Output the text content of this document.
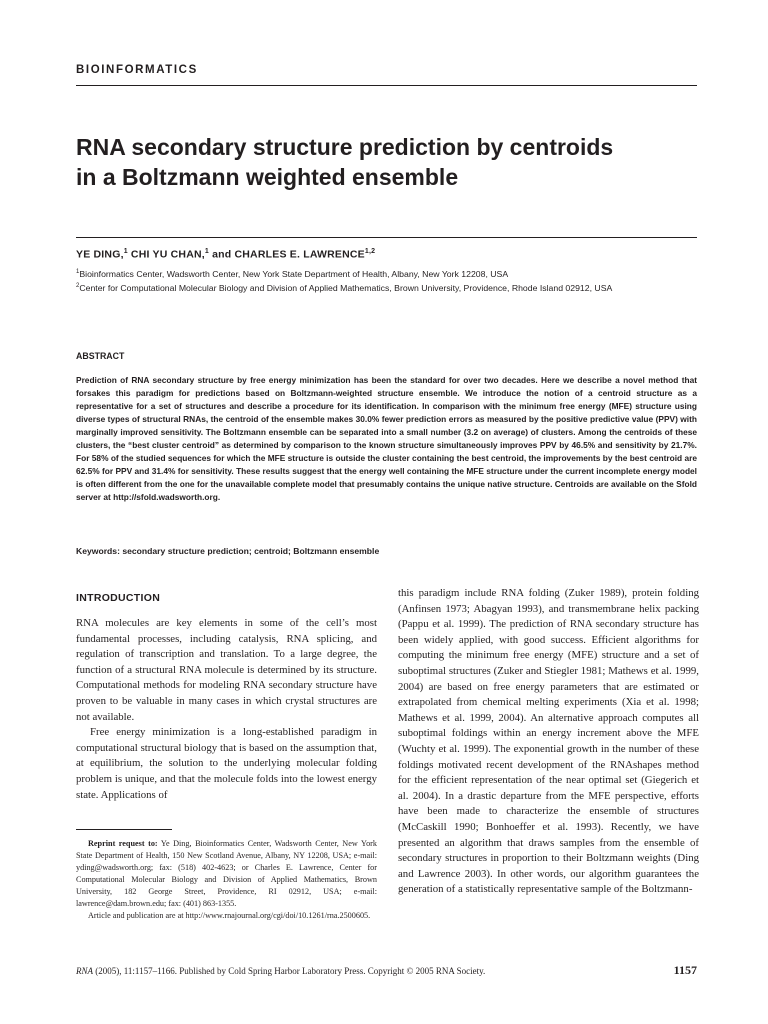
BIOINFORMATICS
RNA secondary structure prediction by centroids
in a Boltzmann weighted ensemble
YE DING,$^1$ CHI YU CHAN,$^1$ and CHARLES E. LAWRENCE$^{1,2}$
$^1$Bioinformatics Center, Wadsworth Center, New York State Department of Health, Albany, New York 12208, USA
$^2$Center for Computational Molecular Biology and Division of Applied Mathematics, Brown University, Providence, Rhode Island 02912, USA
ABSTRACT

Prediction of RNA secondary structure by free energy minimization has been the standard for over two decades. Here we describe a novel method that forsakes this paradigm for predictions based on Boltzmann-weighted structure ensemble. We introduce the notion of a centroid structure as a representative for a set of structures and describe a procedure for its identification. In comparison with the minimum free energy (MFE) structure using diverse types of structural RNAs, the centroid of the ensemble makes 30.0% fewer prediction errors as measured by the positive predictive value (PPV) with marginally improved sensitivity. The Boltzmann ensemble can be separated into a small number (3.2 on average) of clusters. Among the centroids of these clusters, the “best cluster centroid” as determined by comparison to the known structure simultaneously improves PPV by 46.5% and sensitivity by 21.7%. For 58% of the studied sequences for which the MFE structure is outside the cluster containing the best centroid, the improvements by the best centroid are 62.5% for PPV and 31.4% for sensitivity. These results suggest that the energy well containing the MFE structure under the current incomplete energy model is often different from the one for the unavailable complete model that presumably contains the unique native structure. Centroids are available on the Sfold server at http://sfold.wadsworth.org.

Keywords: secondary structure prediction; centroid; Boltzmann ensemble
INTRODUCTION

RNA molecules are key elements in some of the cell’s most fundamental processes, including catalysis, RNA splicing, and regulation of transcription and translation. To a large degree, the function of a structural RNA molecule is determined by its structure. Computational methods for modeling RNA secondary structure have proven to be valuable in many cases in which crystal structures are not available.

Free energy minimization is a long-established paradigm in computational structural biology that is based on the assumption that, at equilibrium, the solution to the underlying molecular folding problem is unique, and that the molecule folds into the lowest energy state. Applications of

this paradigm include RNA folding (Zuker 1989), protein folding (Anfinsen 1973; Abagyan 1993), and transmembrane helix packing (Pappu et al. 1999). The prediction of RNA secondary structure has been widely applied, with good success. Efficient algorithms for computing the minimum free energy (MFE) structure and a set of suboptimal structures (Zuker and Stiegler 1981; Mathews et al. 1999, 2004) are based on free energy parameters that are estimated or extrapolated from chemical melting experiments (Xia et al. 1998; Mathews et al. 1999, 2004). An alternative approach computes all suboptimal foldings within an energy increment above the MFE (Wuchty et al. 1999). The exponential growth in the number of these foldings motivated recent development of the RNAshapes method for the efficient representation of the near optimal set (Giegerich et al. 2004). In a drastic departure from the MFE perspective, efforts have been made to characterize the ensemble of structures (McCaskill 1990; Bonhoeffer et al. 1993). Recently, we have presented an algorithm that draws samples from the ensemble of secondary structures in proportion to their Boltzmann weights (Ding and Lawrence 2003). In other words, our algorithm guarantees the generation of a statistically representative sample of the Boltzmann-

Reprint request to: Ye Ding, Bioinformatics Center, Wadsworth Center, New York State Department of Health, 150 New Scotland Avenue, Albany, NY 12208, USA; e-mail: yding@wadsworth.org; fax: (518) 402-4623; or Charles E. Lawrence, Center for Computational Molecular Biology and Division of Applied Mathematics, Brown University, 182 George Street, Providence, RI 02912, USA; e-mail: lawrence@dam.brown.edu; fax: (401) 863-1355.

Article and publication are at http://www.rnajournal.org/cgi/doi/10.1261/rna.2500605.

RNA (2005), 11:1157–1166. Published by Cold Spring Harbor Laboratory Press. Copyright © 2005 RNA Society.	1157
